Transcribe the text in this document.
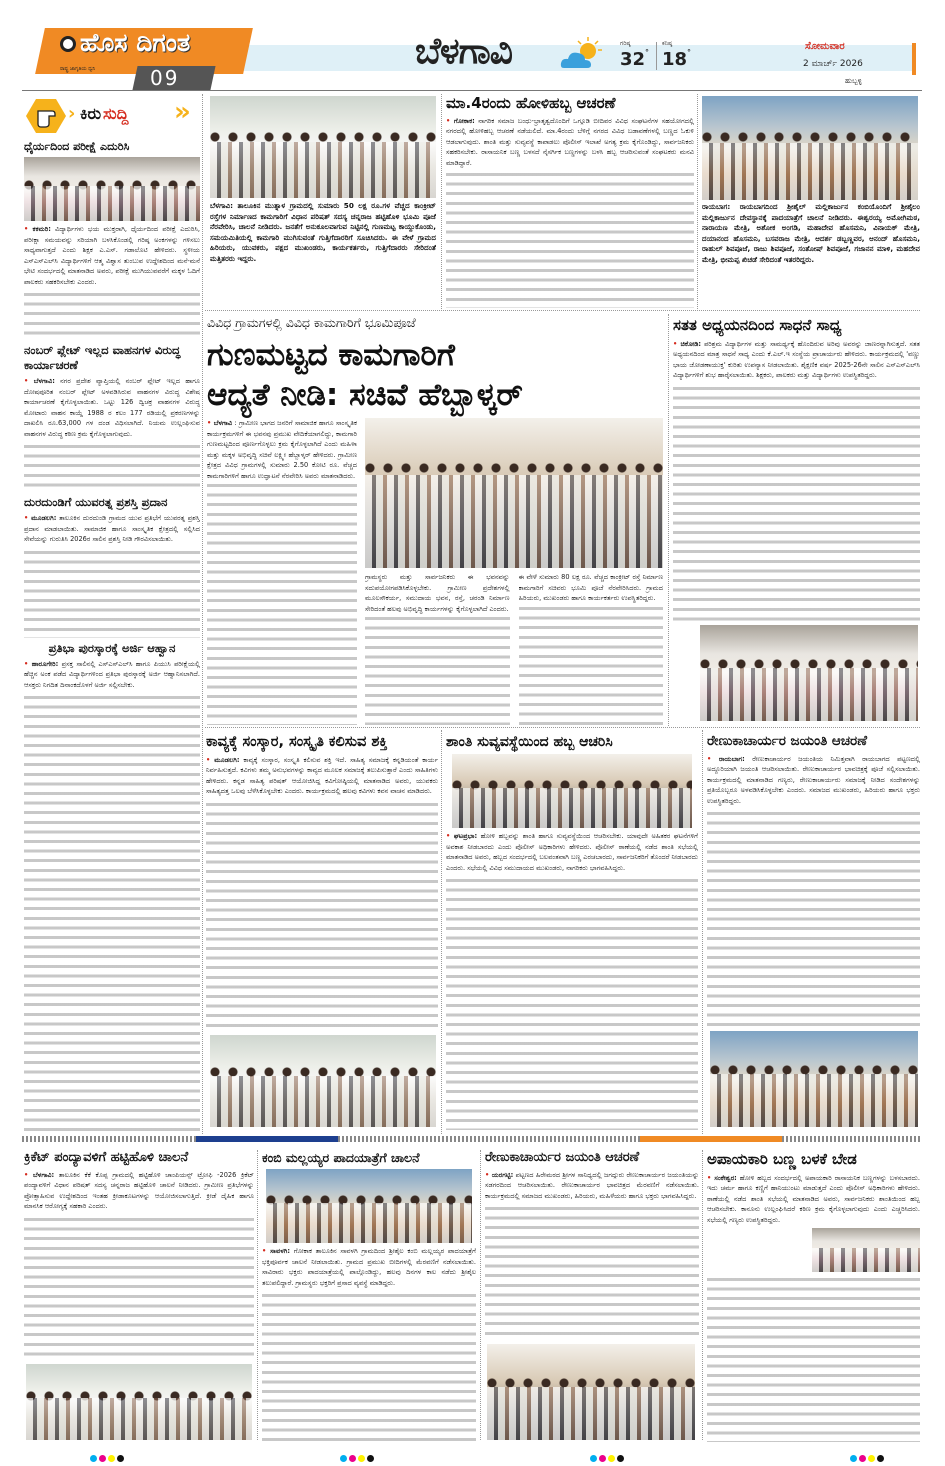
ಹೊಸ ದಿಗಂತ
ರಾಷ್ಟ್ರ ಜಾಗೃತಿಯ ಧ್ವನಿ	09
ಬೆಳಗಾವಿ	ಗರಿಷ್ಠ
32 °
ಕನಿಷ್ಠ
18 °
ಸೋಮವಾರ
2 ಮಾರ್ಚ್ 2026
ಹುಬ್ಬಳ್ಳಿ
› ಕಿರು ಸುದ್ದಿ »
ಧೈರ್ಯದಿಂದ ಪರೀಕ್ಷೆ ಎದುರಿಸಿ
• ಕಕಮರಿ: ವಿದ್ಯಾರ್ಥಿಗಳು ಭಯ ಮುಕ್ತರಾಗಿ, ಧೈರ್ಯದಿಂದ ಪರೀಕ್ಷೆ ಎದುರಿಸಿ, ಪರೀಕ್ಷಾ ಸಮಯವನ್ನು ಸರಿಯಾಗಿ ಬಳಸಿಕೊಂಡಲ್ಲಿ ಗರಿಷ್ಠ ಅಂಕಗಳನ್ನು ಗಳಿಸಲು ಸಾಧ್ಯವಾಗುತ್ತದೆ ಎಂದು ಶಿಕ್ಷಕ ಎ.ಎಸ್. ಗಡಾಲೊಟಿ ಹೇಳಿದರು. ಸ್ಥಳೀಯ ಎಸ್‌ಎಸ್‌ಎಲ್‌ಸಿ ವಿದ್ಯಾರ್ಥಿಗಳಿಗೆ ಆತ್ಮ ವಿಶ್ವಾಸ ತುಂಬುವ ಉದ್ದೇಶದಿಂದ ಮನೆ-ಮನೆ ಭೇಟಿ ಸಂದರ್ಭದಲ್ಲಿ ಮಾತನಾಡಿದ ಅವರು, ಪರೀಕ್ಷೆ ಮುಗಿಯುವವರೆಗೆ ಮಕ್ಕಳ ಓದಿಗೆ ಪಾಲಕರು ಸಹಕರಿಸಬೇಕು ಎಂದರು.
ನಂಬರ್ ಪ್ಲೇಟ್ ಇಲ್ಲದ ವಾಹನಗಳ ವಿರುದ್ಧ ಕಾರ್ಯಾಚರಣೆ
• ಬೆಳಗಾವಿ: ನಗರ ಪ್ರದೇಶ ವ್ಯಾಪ್ತಿಯಲ್ಲಿ ನಂಬರ್ ಪ್ಲೇಟ್ ಇಲ್ಲದ ಹಾಗೂ ದೋಷಪೂರಿತ ನಂಬರ್ ಪ್ಲೇಟ್ ಅಳವಡಿಸಿರುವ ವಾಹನಗಳ ವಿರುದ್ಧ ವಿಶೇಷ ಕಾರ್ಯಾಚರಣೆ ಕೈಗೊಳ್ಳಲಾಯಿತು. ಒಟ್ಟು 126 ದ್ವಿಚಕ್ರ ವಾಹನಗಳ ವಿರುದ್ಧ ಮೋಟಾರು ವಾಹನ ಕಾಯ್ದೆ 1988 ರ ಕಲಂ 177 ರಡಿಯಲ್ಲಿ ಪ್ರಕರಣಗಳನ್ನು ದಾಖಲಿಸಿ ರೂ.63,000 ಗಳ ದಂಡ ವಿಧಿಸಲಾಗಿದೆ. ನಿಯಮ ಉಲ್ಲಂಘಿಸುವ ವಾಹನಗಳ ವಿರುದ್ಧ ಕಠಿಣ ಕ್ರಮ ಕೈಗೊಳ್ಳಲಾಗುವುದು.
ದುರದುಂಡಿಗೆ ಯುವರತ್ನ ಪ್ರಶಸ್ತಿ ಪ್ರದಾನ
• ಮೂಡಲಗಿ: ತಾಲೂಕಿನ ದುರದುಂಡಿ ಗ್ರಾಮದ ಯುವ ಪ್ರತಿಭೆಗೆ ಯುವರತ್ನ ಪ್ರಶಸ್ತಿ ಪ್ರದಾನ ಮಾಡಲಾಯಿತು. ಸಾಮಾಜಿಕ ಹಾಗೂ ಸಾಂಸ್ಕೃತಿಕ ಕ್ಷೇತ್ರದಲ್ಲಿ ಸಲ್ಲಿಸಿದ ಸೇವೆಯನ್ನು ಗುರುತಿಸಿ 2026ರ ಸಾಲಿನ ಪ್ರಶಸ್ತಿ ನೀಡಿ ಗೌರವಿಸಲಾಯಿತು.
ಪ್ರತಿಭಾ ಪುರಸ್ಕಾರಕ್ಕೆ ಅರ್ಜಿ ಆಹ್ವಾನ
• ಹಾರೂಗೇರಿ: ಪ್ರಸಕ್ತ ಸಾಲಿನಲ್ಲಿ ಎಸ್‌ಎಸ್‌ಎಲ್‌ಸಿ ಹಾಗೂ ಪಿಯುಸಿ ಪರೀಕ್ಷೆಯಲ್ಲಿ ಹೆಚ್ಚಿನ ಅಂಕ ಪಡೆದ ವಿದ್ಯಾರ್ಥಿಗಳಿಂದ ಪ್ರತಿಭಾ ಪುರಸ್ಕಾರಕ್ಕೆ ಅರ್ಜಿ ಆಹ್ವಾನಿಸಲಾಗಿದೆ. ಆಸಕ್ತರು ನಿಗದಿತ ದಿನಾಂಕದೊಳಗೆ ಅರ್ಜಿ ಸಲ್ಲಿಸಬೇಕು.
ಬೆಳಗಾವಿ: ತಾಲೂಕಿನ ಮುತ್ನಾಳ ಗ್ರಾಮದಲ್ಲಿ ಸುಮಾರು 50 ಲಕ್ಷ ರೂ.ಗಳ ವೆಚ್ಚದ ಕಾಂಕ್ರೀಟ್ ರಸ್ತೆಗಳ ನಿರ್ಮಾಣದ ಕಾಮಗಾರಿಗೆ ವಿಧಾನ ಪರಿಷತ್ ಸದಸ್ಯ ಚನ್ನರಾಜ ಹಟ್ಟಿಹೊಳಿ ಭೂಮಿ ಪೂಜೆ ನೆರವೇರಿಸಿ, ಚಾಲನೆ ನೀಡಿದರು. ಜನತೆಗೆ ಅನುಕೂಲವಾಗುವ ನಿಟ್ಟಿನಲ್ಲಿ ಗುಣಮಟ್ಟ ಕಾಯ್ದುಕೊಂಡು, ಸಮಯಮಿತಿಯಲ್ಲಿ ಕಾಮಗಾರಿ ಮುಗಿಸುವಂತೆ ಗುತ್ತಿಗೆದಾರರಿಗೆ ಸೂಚಿಸಿದರು. ಈ ವೇಳೆ ಗ್ರಾಮದ ಹಿರಿಯರು, ಯುವಕರು, ಪಕ್ಷದ ಮುಖಂಡರು, ಕಾರ್ಯಕರ್ತರು, ಗುತ್ತಿಗೆದಾರರು ಸೇರಿದಂತೆ ಮತ್ತಿತರರು ಇದ್ದರು.
ಮಾ.4ರಂದು ಹೋಳಿಹಬ್ಬ ಆಚರಣೆ
• ಗೋಕಾಕ: ನಾಗರಿಕ ಸಮಾಜ ಬಂಧು-ಭ್ರಾತೃತ್ವದೊಂದಿಗೆ ಒಗ್ಗೂಡಿ ಬೀದಿವರ ವಿವಿಧ ಸಂಘಟನೆಗಳ ಸಹಯೋಗದಲ್ಲಿ ನಗರದಲ್ಲಿ ಹೋಳಿಹಬ್ಬ ಆಚರಣೆ ನಡೆಯಲಿದೆ. ಮಾ.4ರಂದು ಬೆಳಿಗ್ಗೆ ನಗರದ ವಿವಿಧ ಬಡಾವಣೆಗಳಲ್ಲಿ ಬಣ್ಣದ ಓಕುಳಿ ಆಡಲಾಗುವುದು. ಶಾಂತಿ ಮತ್ತು ಸುವ್ಯವಸ್ಥೆ ಕಾಪಾಡಲು ಪೊಲೀಸ್ ಇಲಾಖೆ ಅಗತ್ಯ ಕ್ರಮ ಕೈಗೊಂಡಿದ್ದು, ಸಾರ್ವಜನಿಕರು ಸಹಕರಿಸಬೇಕು. ರಾಸಾಯನಿಕ ಬಣ್ಣ ಬಳಸದೆ ನೈಸರ್ಗಿಕ ಬಣ್ಣಗಳನ್ನು ಬಳಸಿ ಹಬ್ಬ ಆಚರಿಸುವಂತೆ ಸಂಘಟಕರು ಮನವಿ ಮಾಡಿದ್ದಾರೆ.
ರಾಯಬಾಗ: ರಾಯಬಾಗದಿಂದ ಶ್ರೀಶೈಲ್ ಮಲ್ಲಿಕಾರ್ಜುನ ಕಂಬಿಯೊಂದಿಗೆ ಶ್ರೀಶೈಲಂ ಮಲ್ಲಿಕಾರ್ಜುನ ದೇವಸ್ಥಾನಕ್ಕೆ ಪಾದಯಾತ್ರೆಗೆ ಚಾಲನೆ ನೀಡಿದರು. ಈಶ್ವರಯ್ಯ ಅಮೋಗಿಮಠ, ನಾರಾಯಣ ಮೇತ್ರಿ, ಅಶೋಕ ಅಂಗಡಿ, ಮಹಾದೇವ ಹೊಸಮನಿ, ವಿನಾಯಕ್ ಮೇತ್ರಿ, ದಯಾನಂದ ಹೊಸಮನಿ, ಬಸವರಾಜ ಮೇತ್ರಿ, ಆದರ್ಶ ಡಬ್ಬಣ್ಣವರ, ಆನಂದ್ ಹೊಸಮನಿ, ರಾಹುಲ್ ಶಿವಪೂಜೆ, ರಾಜು ಶಿವಪೂಜೆ, ಸಂತೋಷ್ ಶಿವಪೂಜೆ, ಗಜಾನನ ಮಾಳಿ, ಮಹದೇವ ಮೇತ್ರಿ, ಭೀಮಪ್ಪ ಖಿಚಡೆ ಸೇರಿದಂತೆ ಇತರರಿದ್ದರು.
ವಿವಿಧ ಗ್ರಾಮಗಳಲ್ಲಿ ವಿವಿಧ ಕಾಮಗಾರಿಗೆ ಭೂಮಿಪೂಜೆ
ಗುಣಮಟ್ಟದ ಕಾಮಗಾರಿಗೆ
ಆದ್ಯತೆ ನೀಡಿ: ಸಚಿವೆ ಹೆಬ್ಬಾಳ್ಕರ್
• ಬೆಳಗಾವಿ : ಗ್ರಾಮೀಣ ಭಾಗದ ಜನರಿಗೆ ಸಾಮಾಜಿಕ ಹಾಗೂ ಸಾಂಸ್ಕೃತಿಕ ಕಾರ್ಯಕ್ರಮಗಳಿಗೆ ಈ ಭವನವು ಪ್ರಮುಖ ವೇದಿಕೆಯಾಗಲಿದ್ದು, ಕಾಮಗಾರಿ ಗುಣಮಟ್ಟದಿಂದ ಪೂರ್ಣಗೊಳ್ಳಲು ಕ್ರಮ ಕೈಗೊಳ್ಳಲಾಗಿದೆ ಎಂದು ಮಹಿಳಾ ಮತ್ತು ಮಕ್ಕಳ ಅಭಿವೃದ್ಧಿ ಸಚಿವೆ ಲಕ್ಷ್ಮೀ ಹೆಬ್ಬಾಳ್ಕರ್ ಹೇಳಿದರು. ಗ್ರಾಮೀಣ ಕ್ಷೇತ್ರದ ವಿವಿಧ ಗ್ರಾಮಗಳಲ್ಲಿ ಸುಮಾರು 2.50 ಕೋಟಿ ರೂ. ವೆಚ್ಚದ ಕಾಮಗಾರಿಗಳಿಗೆ ಹಾಗೂ ಉದ್ಘಾಟನೆ ನೆರವೇರಿಸಿ ಅವರು ಮಾತನಾಡಿದರು.
ಗ್ರಾಮಸ್ಥರು ಮತ್ತು ಸಾರ್ವಜನಿಕರು ಈ ಭವನವನ್ನು ಸದುಪಯೋಗಪಡಿಸಿಕೊಳ್ಳಬೇಕು. ಗ್ರಾಮೀಣ ಪ್ರದೇಶಗಳಲ್ಲಿ ಮೂಲಸೌಕರ್ಯ, ಸಮುದಾಯ ಭವನ, ರಸ್ತೆ, ಚರಂಡಿ ನಿರ್ಮಾಣ ಸೇರಿದಂತೆ ಹಲವು ಅಭಿವೃದ್ಧಿ ಕಾರ್ಯಗಳನ್ನು ಕೈಗೊಳ್ಳಲಾಗಿದೆ ಎಂದರು.
ಈ ವೇಳೆ ಸುಮಾರು 80 ಲಕ್ಷ ರೂ. ವೆಚ್ಚದ ಕಾಂಕ್ರೀಟ್ ರಸ್ತೆ ನಿರ್ಮಾಣ ಕಾಮಗಾರಿಗೆ ಸಚಿವರು ಭೂಮಿ ಪೂಜೆ ನೆರವೇರಿಸಿದರು. ಗ್ರಾಮದ ಹಿರಿಯರು, ಮುಖಂಡರು ಹಾಗೂ ಕಾರ್ಯಕರ್ತರು ಉಪಸ್ಥಿತರಿದ್ದರು.
ಸತತ ಅಧ್ಯಯನದಿಂದ ಸಾಧನೆ ಸಾಧ್ಯ
• ಚಿಕೋಡಿ: ಪರಿಶ್ರಮ ವಿದ್ಯಾರ್ಥಿಗಳ ಮತ್ತು ಸಾಮರ್ಥ್ಯಕ್ಕೆ ಹೊಂದಿರುವ ಅರಿವು ಅವರನ್ನು ಜಾಣರನ್ನಾಗಿಸುತ್ತದೆ. ಸತತ ಅಧ್ಯಯನದಿಂದ ಮಾತ್ರ ಸಾಧನೆ ಸಾಧ್ಯ ಎಂದು ಕೆ.ಎಲ್.ಇ ಸಂಸ್ಥೆಯ ಪ್ರಾಚಾರ್ಯರು ಹೇಳಿದರು. ಕಾರ್ಯಕ್ರಮದಲ್ಲಿ 'ವಣ್ಣು ಭಾಯ ಜೋಡಣಾಯುಕ್ತ' ಕುರಿತು ಉಪನ್ಯಾಸ ನೀಡಲಾಯಿತು. ಶೈಕ್ಷಣಿಕ ವರ್ಷ 2025-26ನೇ ಸಾಲಿನ ಎಸ್‌ಎಸ್‌ಎಲ್‌ಸಿ ವಿದ್ಯಾರ್ಥಿಗಳಿಗೆ ಶುಭ ಹಾರೈಸಲಾಯಿತು. ಶಿಕ್ಷಕರು, ಪಾಲಕರು ಮತ್ತು ವಿದ್ಯಾರ್ಥಿಗಳು ಉಪಸ್ಥಿತರಿದ್ದರು.
ಕಾವ್ಯಕ್ಕೆ ಸಂಸ್ಕಾರ, ಸಂಸ್ಕೃತಿ ಕಲಿಸುವ ಶಕ್ತಿ
• ಮೂಡಲಗಿ: ಕಾವ್ಯಕ್ಕೆ ಸಂಸ್ಕಾರ, ಸಂಸ್ಕೃತಿ ಕಲಿಸುವ ಶಕ್ತಿ ಇದೆ. ಸಾಹಿತ್ಯ ಸಮಾಜಕ್ಕೆ ಕನ್ನಡಿಯಂತೆ ಕಾರ್ಯ ನಿರ್ವಹಿಸುತ್ತದೆ. ಕವಿಗಳು ತಮ್ಮ ಅನುಭವಗಳನ್ನು ಕಾವ್ಯದ ಮೂಲಕ ಸಮಾಜಕ್ಕೆ ತಲುಪಿಸುತ್ತಾರೆ ಎಂದು ಸಾಹಿತಿಗಳು ಹೇಳಿದರು. ಕನ್ನಡ ಸಾಹಿತ್ಯ ಪರಿಷತ್ ಆಯೋಜಿಸಿದ್ದ ಕವಿಗೋಷ್ಠಿಯಲ್ಲಿ ಮಾತನಾಡಿದ ಅವರು, ಯುವಕರು ಸಾಹಿತ್ಯದತ್ತ ಒಲವು ಬೆಳೆಸಿಕೊಳ್ಳಬೇಕು ಎಂದರು. ಕಾರ್ಯಕ್ರಮದಲ್ಲಿ ಹಲವು ಕವಿಗಳು ಕವನ ವಾಚನ ಮಾಡಿದರು.
ಶಾಂತಿ ಸುವ್ಯವಸ್ಥೆಯಿಂದ ಹಬ್ಬ ಆಚರಿಸಿ
• ಘಟಪ್ರಭಾ: ಹೋಳಿ ಹಬ್ಬವನ್ನು ಶಾಂತಿ ಹಾಗೂ ಸುವ್ಯವಸ್ಥೆಯಿಂದ ಆಚರಿಸಬೇಕು. ಯಾವುದೇ ಅಹಿತಕರ ಘಟನೆಗಳಿಗೆ ಅವಕಾಶ ನೀಡಬಾರದು ಎಂದು ಪೊಲೀಸ್ ಅಧಿಕಾರಿಗಳು ಹೇಳಿದರು. ಪೊಲೀಸ್ ಠಾಣೆಯಲ್ಲಿ ನಡೆದ ಶಾಂತಿ ಸಭೆಯಲ್ಲಿ ಮಾತನಾಡಿದ ಅವರು, ಹಬ್ಬದ ಸಂದರ್ಭದಲ್ಲಿ ಬಲವಂತವಾಗಿ ಬಣ್ಣ ಎರಚಬಾರದು, ಸಾರ್ವಜನಿಕರಿಗೆ ತೊಂದರೆ ನೀಡಬಾರದು ಎಂದರು. ಸಭೆಯಲ್ಲಿ ವಿವಿಧ ಸಮುದಾಯದ ಮುಖಂಡರು, ನಾಗರಿಕರು ಭಾಗವಹಿಸಿದ್ದರು.
ರೇಣುಕಾಚಾರ್ಯರ ಜಯಂತಿ ಆಚರಣೆ
• ರಾಯಬಾಗ: ರೇಣುಕಾಚಾರ್ಯರ ಜಯಂತಿಯ ನಿಮಿತ್ತವಾಗಿ ರಾಯಬಾಗದ ಪಟ್ಟಣದಲ್ಲಿ ಅದ್ದೂರಿಯಾಗಿ ಜಯಂತಿ ಆಚರಿಸಲಾಯಿತು. ರೇಣುಕಾಚಾರ್ಯರ ಭಾವಚಿತ್ರಕ್ಕೆ ಪೂಜೆ ಸಲ್ಲಿಸಲಾಯಿತು. ಕಾರ್ಯಕ್ರಮದಲ್ಲಿ ಮಾತನಾಡಿದ ಗಣ್ಯರು, ರೇಣುಕಾಚಾರ್ಯರು ಸಮಾಜಕ್ಕೆ ನೀಡಿದ ಸಂದೇಶಗಳನ್ನು ಪ್ರತಿಯೊಬ್ಬರೂ ಅಳವಡಿಸಿಕೊಳ್ಳಬೇಕು ಎಂದರು. ಸಮಾಜದ ಮುಖಂಡರು, ಹಿರಿಯರು ಹಾಗೂ ಭಕ್ತರು ಉಪಸ್ಥಿತರಿದ್ದರು.
ಕ್ರಿಕೆಟ್ ಪಂದ್ಯಾವಳಿಗೆ ಹಟ್ಟಿಹೊಳಿ ಚಾಲನೆ
• ಬೆಳಗಾವಿ: ತಾಲೂಕಿನ ಕೆಕೆ ಕೊಪ್ಪ ಗ್ರಾಮದಲ್ಲಿ ಹಟ್ಟಿಹೊಳಿ ಚಾಂಪಿಯನ್ಸ್ ಟ್ರೋಫಿ -2026 ಕ್ರಿಕೆಟ್ ಪಂದ್ಯಾವಳಿಗೆ ವಿಧಾನ ಪರಿಷತ್ ಸದಸ್ಯ ಚನ್ನರಾಜ ಹಟ್ಟಿಹೊಳಿ ಚಾಲನೆ ನೀಡಿದರು. ಗ್ರಾಮೀಣ ಪ್ರತಿಭೆಗಳನ್ನು ಪ್ರೋತ್ಸಾಹಿಸುವ ಉದ್ದೇಶದಿಂದ ಇಂತಹ ಕ್ರೀಡಾಕೂಟಗಳನ್ನು ಆಯೋಜಿಸಲಾಗುತ್ತಿದೆ. ಕ್ರೀಡೆ ದೈಹಿಕ ಹಾಗೂ ಮಾನಸಿಕ ಆರೋಗ್ಯಕ್ಕೆ ಸಹಕಾರಿ ಎಂದರು.
ಕಂಬಿ ಮಲ್ಲಯ್ಯರ ಪಾದಯಾತ್ರೆಗೆ ಚಾಲನೆ
• ಸಾವಳಗಿ: ಗೋಕಾಕ ತಾಲೂಕಿನ ಸಾವಳಗಿ ಗ್ರಾಮದಿಂದ ಶ್ರೀಶೈಲ ಕಂಬಿ ಮಲ್ಲಯ್ಯರ ಪಾದಯಾತ್ರೆಗೆ ಭಕ್ತಿಪೂರ್ವಕ ಚಾಲನೆ ನೀಡಲಾಯಿತು. ಗ್ರಾಮದ ಪ್ರಮುಖ ಬೀದಿಗಳಲ್ಲಿ ಮೆರವಣಿಗೆ ನಡೆಸಲಾಯಿತು. ಸಾವಿರಾರು ಭಕ್ತರು ಪಾದಯಾತ್ರೆಯಲ್ಲಿ ಪಾಲ್ಗೊಂಡಿದ್ದು, ಹಲವು ದಿನಗಳ ಕಾಲ ನಡೆದು ಶ್ರೀಶೈಲ ತಲುಪಲಿದ್ದಾರೆ. ಗ್ರಾಮಸ್ಥರು ಭಕ್ತರಿಗೆ ಪ್ರಸಾದ ವ್ಯವಸ್ಥೆ ಮಾಡಿದ್ದರು.
ರೇಣುಕಾಚಾರ್ಯರ ಜಯಂತಿ ಆಚರಣೆ
• ಯರಗಟ್ಟಿ: ಪಟ್ಟಣದ ಹಿರೇಮಠದ ಶ್ರೀಗಳ ಸಾನಿಧ್ಯದಲ್ಲಿ ಜಗದ್ಗುರು ರೇಣುಕಾಚಾರ್ಯರ ಜಯಂತಿಯನ್ನು ಸಡಗರದಿಂದ ಆಚರಿಸಲಾಯಿತು. ರೇಣುಕಾಚಾರ್ಯರ ಭಾವಚಿತ್ರದ ಮೆರವಣಿಗೆ ನಡೆಸಲಾಯಿತು. ಕಾರ್ಯಕ್ರಮದಲ್ಲಿ ಸಮಾಜದ ಮುಖಂಡರು, ಹಿರಿಯರು, ಮಹಿಳೆಯರು ಹಾಗೂ ಭಕ್ತರು ಭಾಗವಹಿಸಿದ್ದರು.
ಅಪಾಯಕಾರಿ ಬಣ್ಣ ಬಳಕೆ ಬೇಡ
• ಸಂಕೇಶ್ವರ: ಹೋಳಿ ಹಬ್ಬದ ಸಂದರ್ಭದಲ್ಲಿ ಅಪಾಯಕಾರಿ ರಾಸಾಯನಿಕ ಬಣ್ಣಗಳನ್ನು ಬಳಸಬಾರದು. ಇದು ಚರ್ಮ ಹಾಗೂ ಕಣ್ಣಿಗೆ ಹಾನಿಯುಂಟು ಮಾಡುತ್ತದೆ ಎಂದು ಪೊಲೀಸ್ ಅಧಿಕಾರಿಗಳು ಹೇಳಿದರು. ಠಾಣೆಯಲ್ಲಿ ನಡೆದ ಶಾಂತಿ ಸಭೆಯಲ್ಲಿ ಮಾತನಾಡಿದ ಅವರು, ಸಾರ್ವಜನಿಕರು ಶಾಂತಿಯಿಂದ ಹಬ್ಬ ಆಚರಿಸಬೇಕು. ಕಾನೂನು ಉಲ್ಲಂಘಿಸಿದರೆ ಕಠಿಣ ಕ್ರಮ ಕೈಗೊಳ್ಳಲಾಗುವುದು ಎಂದು ಎಚ್ಚರಿಸಿದರು. ಸಭೆಯಲ್ಲಿ ಗಣ್ಯರು ಉಪಸ್ಥಿತರಿದ್ದರು.
